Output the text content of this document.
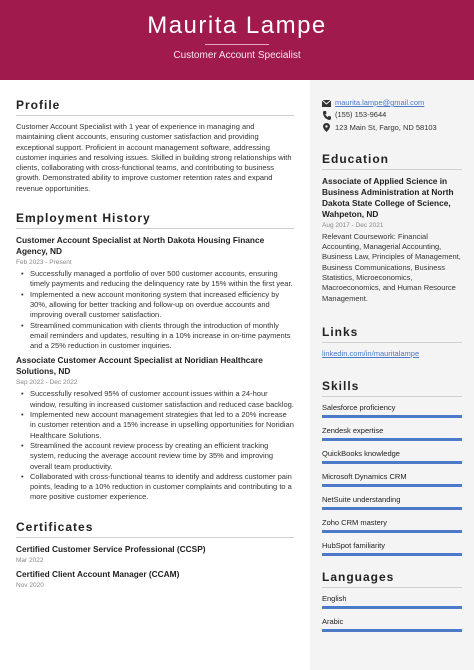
Maurita Lampe
Customer Account Specialist
Profile
Customer Account Specialist with 1 year of experience in managing and maintaining client accounts, ensuring customer satisfaction and providing exceptional support. Proficient in account management software, addressing customer inquiries and resolving issues. Skilled in building strong relationships with clients, collaborating with cross-functional teams, and contributing to business growth. Demonstrated ability to improve customer retention rates and expand revenue opportunities.
Employment History
Customer Account Specialist at North Dakota Housing Finance Agency, ND
Feb 2023 - Present
• Successfully managed a portfolio of over 500 customer accounts, ensuring timely payments and reducing the delinquency rate by 15% within the first year.
• Implemented a new account monitoring system that increased efficiency by 30%, allowing for better tracking and follow-up on overdue accounts and improving overall customer satisfaction.
• Streamlined communication with clients through the introduction of monthly email reminders and updates, resulting in a 10% increase in on-time payments and a 25% reduction in customer inquiries.
Associate Customer Account Specialist at Noridian Healthcare Solutions, ND
Sep 2022 - Dec 2022
• Successfully resolved 95% of customer account issues within a 24-hour window, resulting in increased customer satisfaction and reduced case backlog.
• Implemented new account management strategies that led to a 20% increase in customer retention and a 15% increase in upselling opportunities for Noridian Healthcare Solutions.
• Streamlined the account review process by creating an efficient tracking system, reducing the average account review time by 35% and improving overall team productivity.
• Collaborated with cross-functional teams to identify and address customer pain points, leading to a 10% reduction in customer complaints and contributing to a more positive customer experience.
Certificates
Certified Customer Service Professional (CCSP)
Mar 2022
Certified Client Account Manager (CCAM)
Nov 2020
maurita.lampe@gmail.com
(155) 153-9644
123 Main St, Fargo, ND 58103
Education
Associate of Applied Science in Business Administration at North Dakota State College of Science, Wahpeton, ND
Aug 2017 - Dec 2021
Relevant Coursework: Financial Accounting, Managerial Accounting, Business Law, Principles of Management, Business Communications, Business Statistics, Microeconomics, Macroeconomics, and Human Resource Management.
Links
linkedin.com/in/mauritalampe
Skills
Salesforce proficiency
Zendesk expertise
QuickBooks knowledge
Microsoft Dynamics CRM
NetSuite understanding
Zoho CRM mastery
HubSpot familiarity
Languages
English
Arabic
